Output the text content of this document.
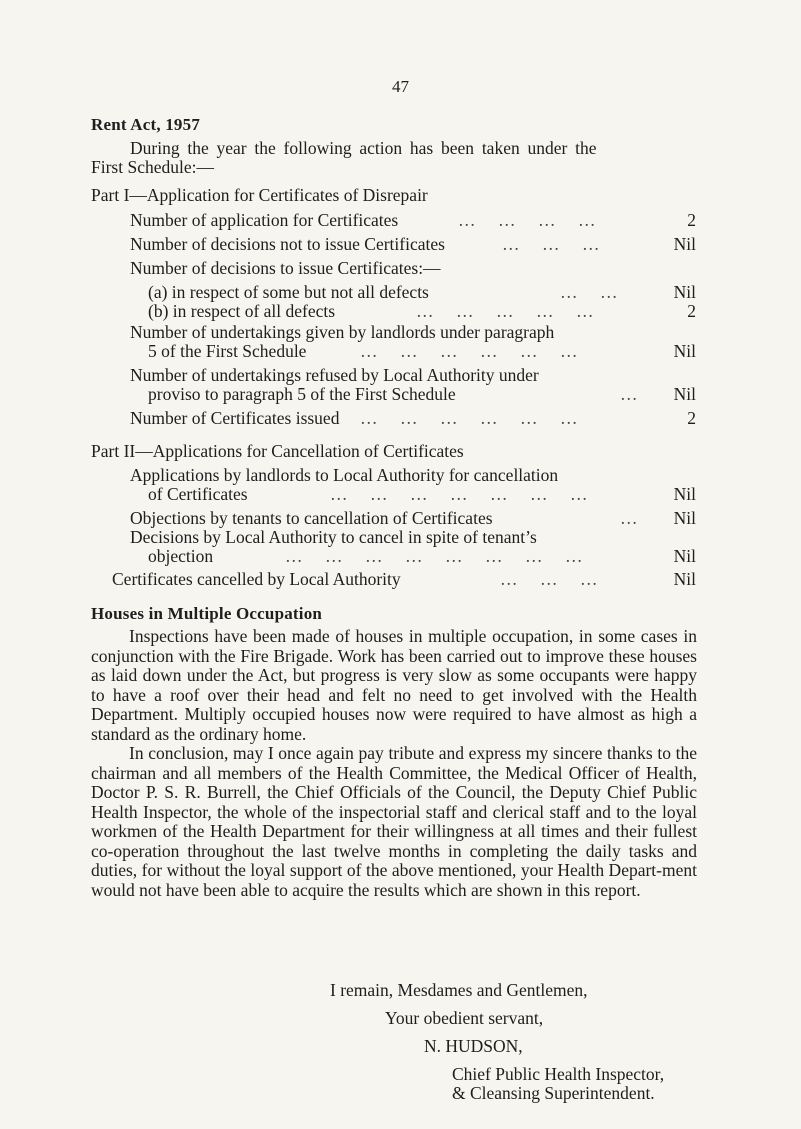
47
Rent Act, 1957
During the year the following action has been taken under the
First Schedule:—
Part I—Application for Certificates of Disrepair
Number of application for Certificates	…    …    …    …	2
Number of decisions not to issue Certificates	…    …    …	Nil
Number of decisions to issue Certificates:—
(a) in respect of some but not all defects	…    …	Nil
(b) in respect of all defects	…    …    …    …    …	2
Number of undertakings given by landlords under paragraph
5 of the First Schedule	…    …    …    …    …    …	Nil
Number of undertakings refused by Local Authority under
proviso to paragraph 5 of the First Schedule	… Nil
Number of Certificates issued …    …    …    …    …    …	2
Part II—Applications for Cancellation of Certificates
Applications by landlords to Local Authority for cancellation
of Certificates	…    …    …    …    …    …    …	Nil
Objections by tenants to cancellation of Certificates	… Nil
Decisions by Local Authority to cancel in spite of tenant’s
objection	…    …    …    …    …    …    …    …	Nil
Certificates cancelled by Local Authority	…    …    …	Nil
Houses in Multiple Occupation

Inspections have been made of houses in multiple occupation, in some cases in conjunction with the Fire Brigade. Work has been carried out to improve these houses as laid down under the Act, but progress is very slow as some occupants were happy to have a roof over their head and felt no need to get involved with the Health Department. Multiply occupied houses now were required to have almost as high a standard as the ordinary home.

In conclusion, may I once again pay tribute and express my sincere thanks to the chairman and all members of the Health Committee, the Medical Officer of Health, Doctor P. S. R. Burrell, the Chief Officials of the Council, the Deputy Chief Public Health Inspector, the whole of the inspectorial staff and clerical staff and to the loyal workmen of the Health Department for their willingness at all times and their fullest co-operation throughout the last twelve months in completing the daily tasks and duties, for without the loyal support of the above mentioned, your Health Depart-ment would not have been able to acquire the results which are shown in this report.

I remain, Mesdames and Gentlemen,
Your obedient servant,
N. HUDSON,
Chief Public Health Inspector,
& Cleansing Superintendent.
